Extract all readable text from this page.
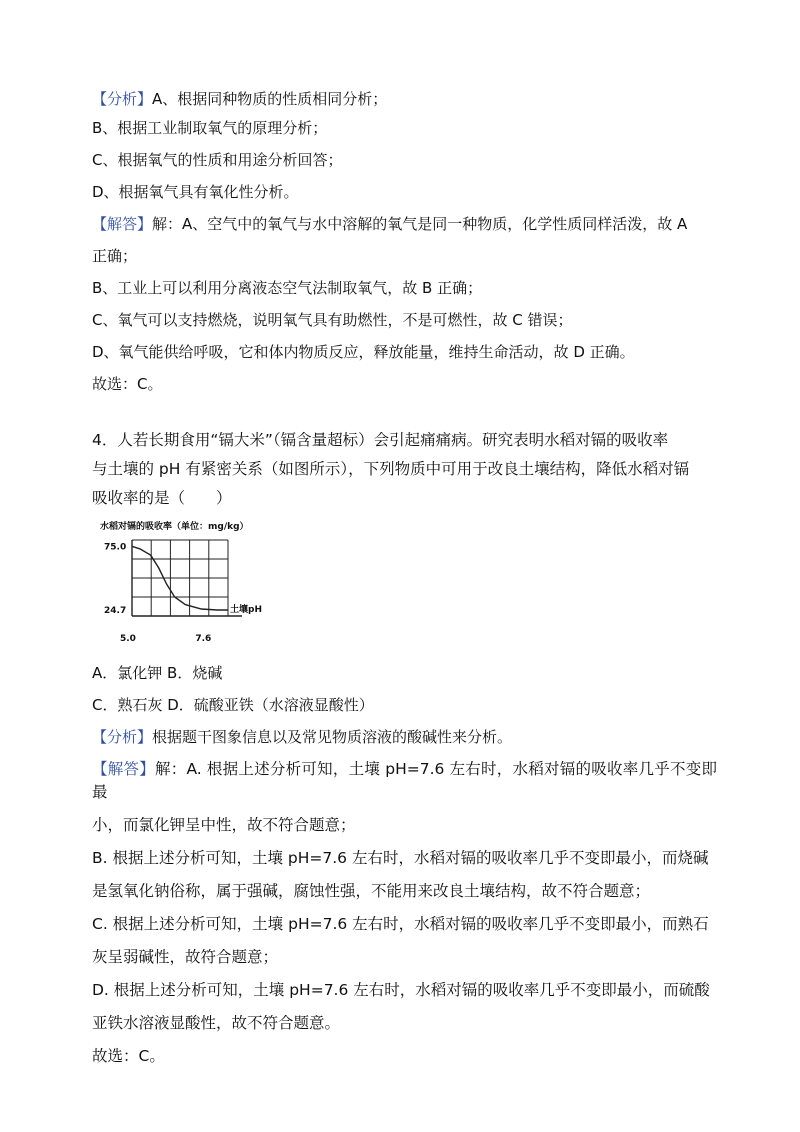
【分析】A、根据同种物质的性质相同分析；

B、根据工业制取氧气的原理分析；

C、根据氧气的性质和用途分析回答；

D、根据氧气具有氧化性分析。

【解答】解：A、空气中的氧气与水中溶解的氧气是同一种物质，化学性质同样活泼，故 A

正确；

B、工业上可以利用分离液态空气法制取氧气，故 B 正确；

C、氧气可以支持燃烧，说明氧气具有助燃性，不是可燃性，故 C 错误；

D、氧气能供给呼吸，它和体内物质反应，释放能量，维持生命活动，故 D 正确。

故选：C。

4．人若长期食用“镉大米”（镉含量超标）会引起痛痛病。研究表明水稻对镉的吸收率

与土壤的 pH 有紧密关系（如图所示），下列物质中可用于改良土壤结构，降低水稻对镉

吸收率的是（　　）

水稻对镉的吸收率（单位：mg/kg）
75.0
24.7
5.0	7.6
土壤pH

A．氯化钾 B．烧碱

C．熟石灰 D．硫酸亚铁（水溶液显酸性）

【分析】根据题干图象信息以及常见物质溶液的酸碱性来分析。

【解答】解：A. 根据上述分析可知，土壤 pH=7.6 左右时，水稻对镉的吸收率几乎不变即最

小，而氯化钾呈中性，故不符合题意；

B. 根据上述分析可知，土壤 pH=7.6 左右时，水稻对镉的吸收率几乎不变即最小，而烧碱

是氢氧化钠俗称，属于强碱，腐蚀性强，不能用来改良土壤结构，故不符合题意；

C. 根据上述分析可知，土壤 pH=7.6 左右时，水稻对镉的吸收率几乎不变即最小，而熟石

灰呈弱碱性，故符合题意；

D. 根据上述分析可知，土壤 pH=7.6 左右时，水稻对镉的吸收率几乎不变即最小，而硫酸

亚铁水溶液显酸性，故不符合题意。

故选：C。
